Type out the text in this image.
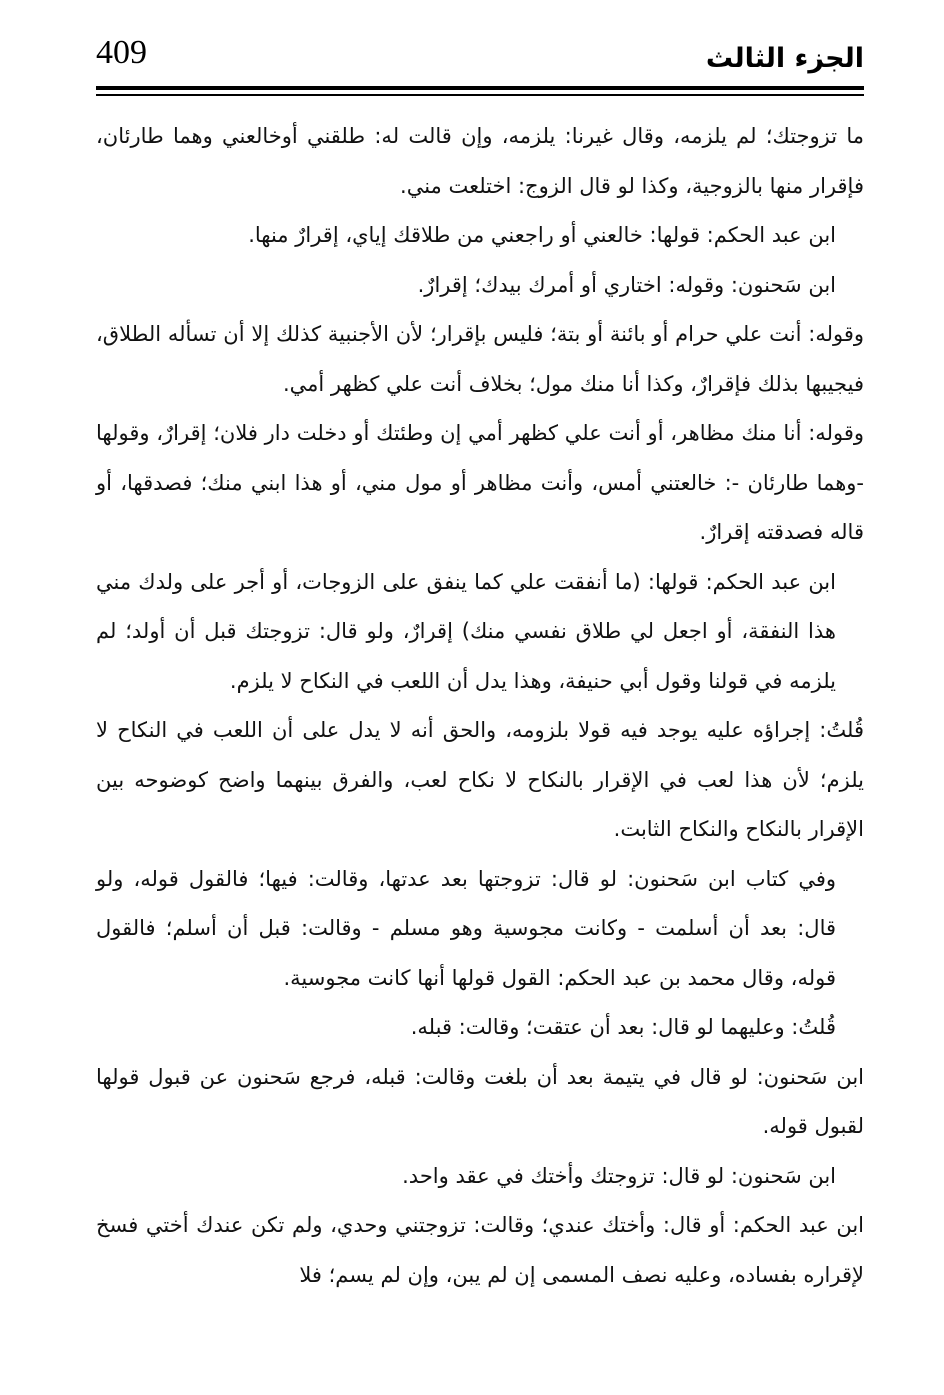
409	الجزء الثالث

ما تزوجتك؛ لم يلزمه، وقال غيرنا: يلزمه، وإن قالت له: طلقني أوخالعني وهما طارئان، فإقرار منها بالزوجية، وكذا لو قال الزوج: اختلعت مني.

ابن عبد الحكم: قولها: خالعني أو راجعني من طلاقك إياي، إقرارٌ منها.

ابن سَحنون: وقوله: اختاري أو أمرك بيدك؛ إقرارٌ.

وقوله: أنت علي حرام أو بائنة أو بتة؛ فليس بإقرار؛ لأن الأجنبية كذلك إلا أن تسأله الطلاق، فيجيبها بذلك فإقرارٌ، وكذا أنا منك مول؛ بخلاف أنت علي كظهر أمي.

وقوله: أنا منك مظاهر، أو أنت علي كظهر أمي إن وطئتك أو دخلت دار فلان؛ إقرارٌ، وقولها -وهما طارئان -: خالعتني أمس، وأنت مظاهر أو مول مني، أو هذا ابني منك؛ فصدقها، أو قاله فصدقته إقرارٌ.

ابن عبد الحكم: قولها: (ما أنفقت علي كما ينفق على الزوجات، أو أجر على ولدك مني هذا النفقة، أو اجعل لي طلاق نفسي منك) إقرارٌ، ولو قال: تزوجتك قبل أن أولد؛ لم يلزمه في قولنا وقول أبي حنيفة، وهذا يدل أن اللعب في النكاح لا يلزم.

قُلتُ: إجراؤه عليه يوجد فيه قولا بلزومه، والحق أنه لا يدل على أن اللعب في النكاح لا يلزم؛ لأن هذا لعب في الإقرار بالنكاح لا نكاح لعب، والفرق بينهما واضح كوضوحه بين الإقرار بالنكاح والنكاح الثابت.

وفي كتاب ابن سَحنون: لو قال: تزوجتها بعد عدتها، وقالت: فيها؛ فالقول قوله، ولو قال: بعد أن أسلمت - وكانت مجوسية وهو مسلم - وقالت: قبل أن أسلم؛ فالقول قوله، وقال محمد بن عبد الحكم: القول قولها أنها كانت مجوسية.

قُلتُ: وعليهما لو قال: بعد أن عتقت؛ وقالت: قبله.

ابن سَحنون: لو قال في يتيمة بعد أن بلغت وقالت: قبله، فرجع سَحنون عن قبول قولها لقبول قوله.

ابن سَحنون: لو قال: تزوجتك وأختك في عقد واحد.

ابن عبد الحكم: أو قال: وأختك عندي؛ وقالت: تزوجتني وحدي، ولم تكن عندك أختي فسخ لإقراره بفساده، وعليه نصف المسمى إن لم يبن، وإن لم يسم؛ فلا
